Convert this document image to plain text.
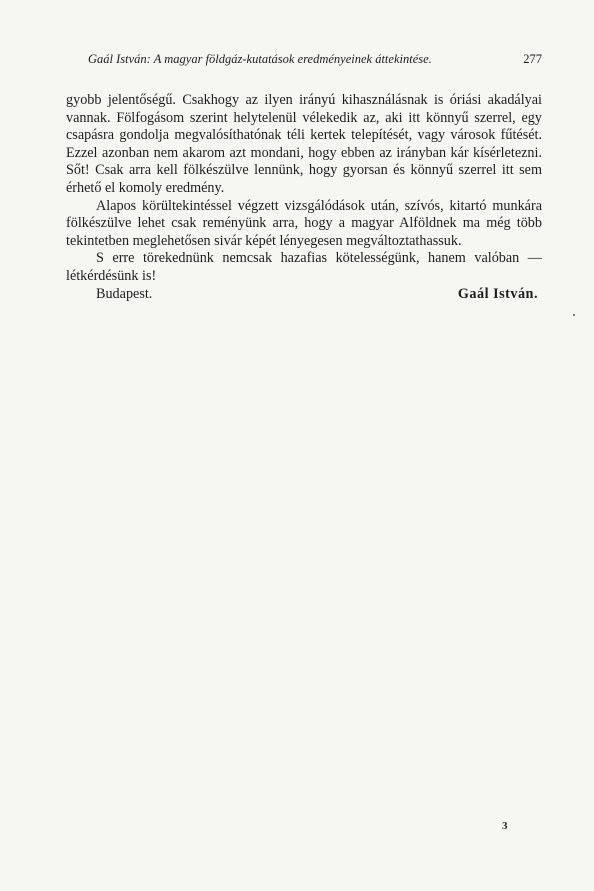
Gaál István: A magyar földgáz-kutatások eredményeinek áttekintése.	277

gyobb jelentőségű. Csakhogy az ilyen irányú kihasználásnak is óriási akadályai vannak. Fölfogásom szerint helytelenül vélekedik az, aki itt könnyű szerrel, egy csapásra gondolja megvalósíthatónak téli kertek telepítését, vagy városok fűtését. Ezzel azonban nem akarom azt mondani, hogy ebben az irányban kár kísérletezni. Sőt! Csak arra kell fölkészülve lennünk, hogy gyorsan és könnyű szerrel itt sem érhető el komoly eredmény.

Alapos körültekintéssel végzett vizsgálódások után, szívós, kitartó munkára fölkészülve lehet csak reményünk arra, hogy a magyar Alföldnek ma még több tekintetben meglehetősen sivár képét lényegesen megváltoztathassuk.

S erre törekednünk nemcsak hazafias kötelességünk, hanem valóban — létkérdésünk is!

Budapest.	Gaál István.
3
